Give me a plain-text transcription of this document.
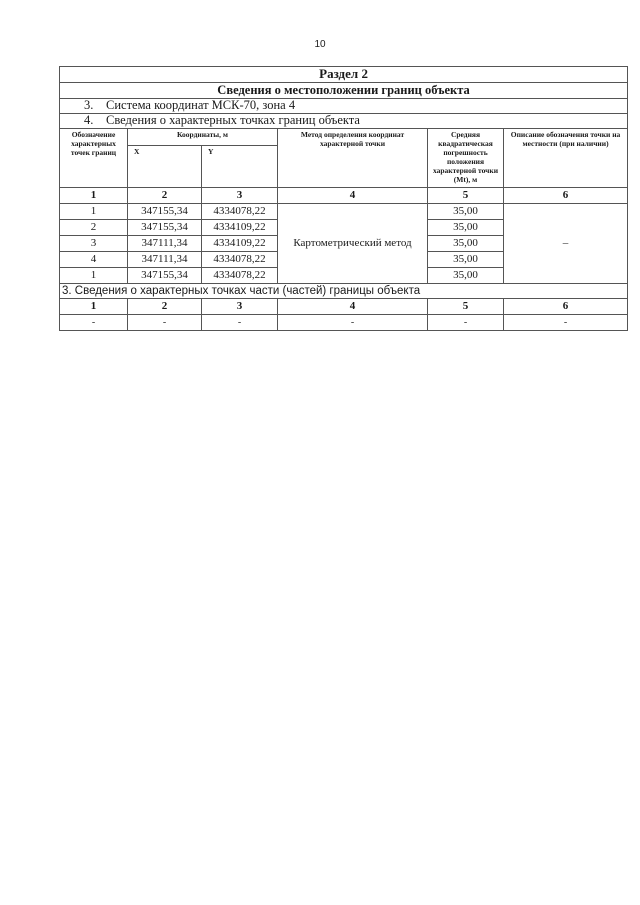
10
Раздел 2					
Сведения о местоположении границ объекта					
3. Система координат МСК-70, зона 4					
4. Сведения о характерных точках границ объекта					
Обозначение характерных точек границ	Координаты, м		Метод определения координат характерной точки	Средняя квадратическая погрешность положения характерной точки (Mt), м	Описание обозначения точки на местности (при наличии)
	X	Y			
1	2	3	4	5	6
1	347155,34	4334078,22	Картометрический метод	35,00	–
2	347155,34	4334109,22		35,00	
3	347111,34	4334109,22		35,00	
4	347111,34	4334078,22		35,00	
1	347155,34	4334078,22		35,00	
3. Сведения о характерных точках части (частей) границы объекта					
1	2	3	4	5	6
-	-	-	-	-	-
